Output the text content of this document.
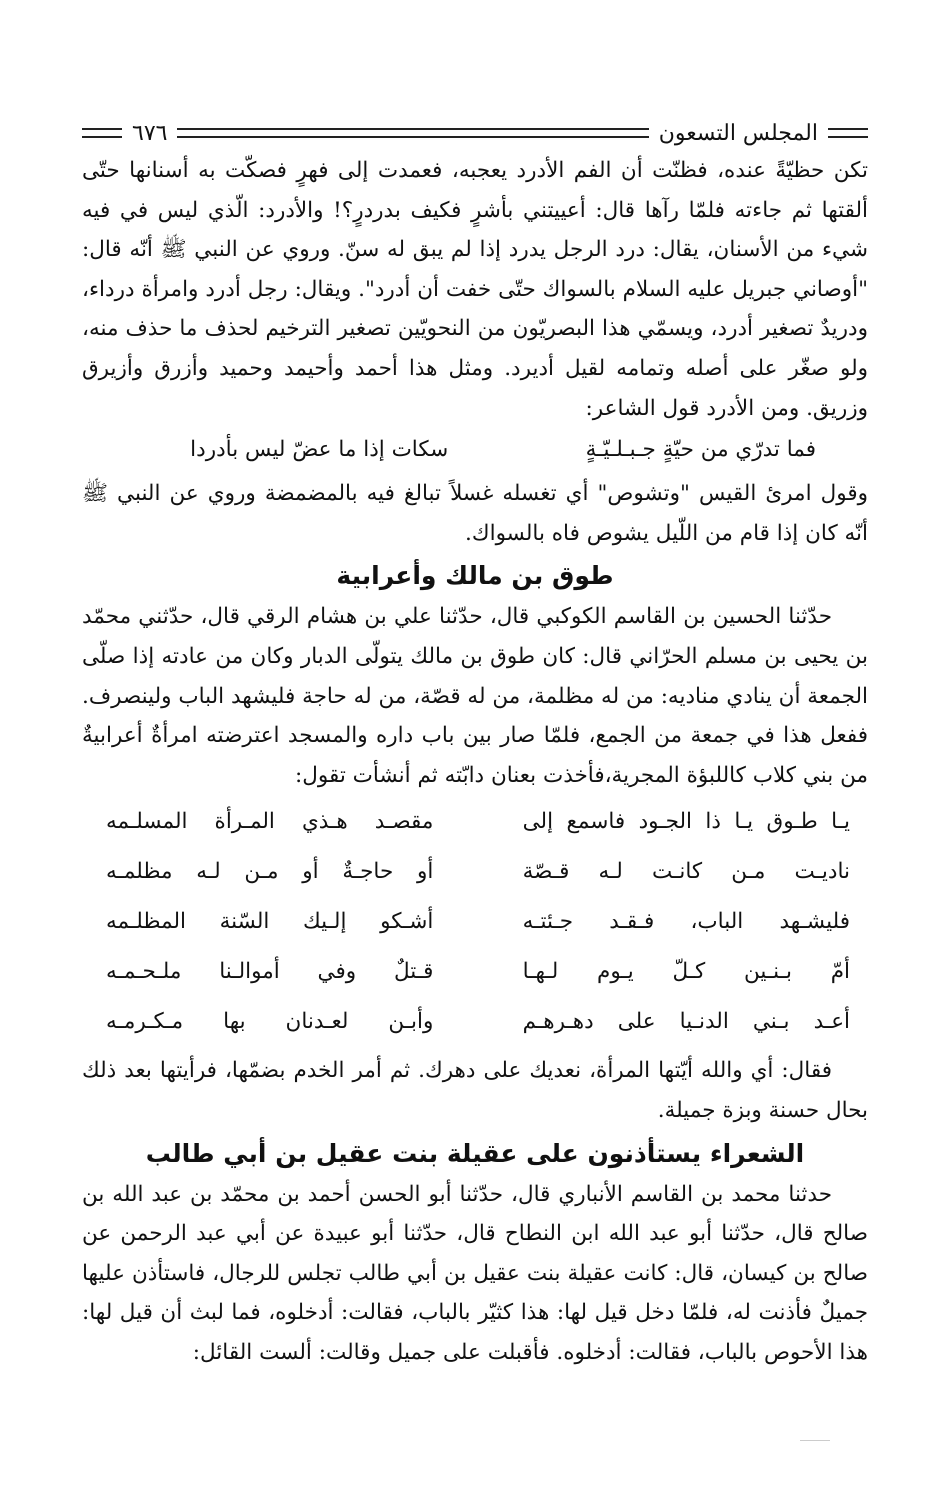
المجلس التسعون
٦٧٦

تكن حظيّةً عنده، فظنّت أن الفم الأدرد يعجبه، فعمدت إلى فهرٍ فصكّت به أسنانها حتّى ألقتها ثم جاءته فلمّا رآها قال: أعييتني بأشرٍ فكيف بدردرٍ؟! والأدرد: الّذي ليس في فيه شيء من الأسنان، يقال: درد الرجل يدرد إذا لم يبق له سنّ. وروي عن النبي ﷺ أنّه قال: "أوصاني جبريل عليه السلام بالسواك حتّى خفت أن أدرد". ويقال: رجل أدرد وامرأة درداء، ودريدٌ تصغير أدرد، ويسمّي هذا البصريّون من النحويّين تصغير الترخيم لحذف ما حذف منه، ولو صغّر على أصله وتمامه لقيل أديرد. ومثل هذا أحمد وأحيمد وحميد وأزرق وأزيرق وزريق. ومن الأدرد قول الشاعر:

فما تدرّي من حيّةٍ جـبـلـيّـةٍ
سكات إذا ما عضّ ليس بأدردا

وقول امرئ القيس "وتشوص" أي تغسله غسلاً تبالغ فيه بالمضمضة وروي عن النبي ﷺ أنّه كان إذا قام من اللّيل يشوص فاه بالسواك.

طوق بن مالك وأعرابية

حدّثنا الحسين بن القاسم الكوكبي قال، حدّثنا علي بن هشام الرقي قال، حدّثني محمّد بن يحيى بن مسلم الحرّاني قال: كان طوق بن مالك يتولّى الدبار وكان من عادته إذا صلّى الجمعة أن ينادي مناديه: من له مظلمة، من له قصّة، من له حاجة فليشهد الباب ولينصرف. ففعل هذا في جمعة من الجمع، فلمّا صار بين باب داره والمسجد اعترضته امرأةٌ أعرابيةٌ من بني كلاب كاللبؤة المجرية،فأخذت بعنان دابّته ثم أنشأت تقول:

يـا طـوق يـا ذا الجـود فاسمع إلى
مقصـد هـذي المـرأة المسلـمه
ناديـت مـن كانـت لـه قـصّة
أو حاجـةٌ أو مـن لـه مظلمـه
فليشـهد الباب، فـقـد جـئتـه
أشـكو إلـيك السّنة المظلـمه
أمّ بـنـين كـلّ يـوم لـهـا
قـتلٌ وفي أموالـنا ملـحـمـه
أعـد بـني الدنـيا على دهـرهـم
وأبـن لعـدنان بها مـكـرمـه

فقال: أي والله أيّتها المرأة، نعديك على دهرك. ثم أمر الخدم بضمّها، فرأيتها بعد ذلك بحال حسنة وبزة جميلة.

الشعراء يستأذنون على عقيلة بنت عقيل بن أبي طالب

حدثنا محمد بن القاسم الأنباري قال، حدّثنا أبو الحسن أحمد بن محمّد بن عبد الله بن صالح قال، حدّثنا أبو عبد الله ابن النطاح قال، حدّثنا أبو عبيدة عن أبي عبد الرحمن عن صالح بن كيسان، قال: كانت عقيلة بنت عقيل بن أبي طالب تجلس للرجال، فاستأذن عليها جميلٌ فأذنت له، فلمّا دخل قيل لها: هذا كثيّر بالباب، فقالت: أدخلوه، فما لبث أن قيل لها: هذا الأحوص بالباب، فقالت: أدخلوه. فأقبلت على جميل وقالت: ألست القائل:
